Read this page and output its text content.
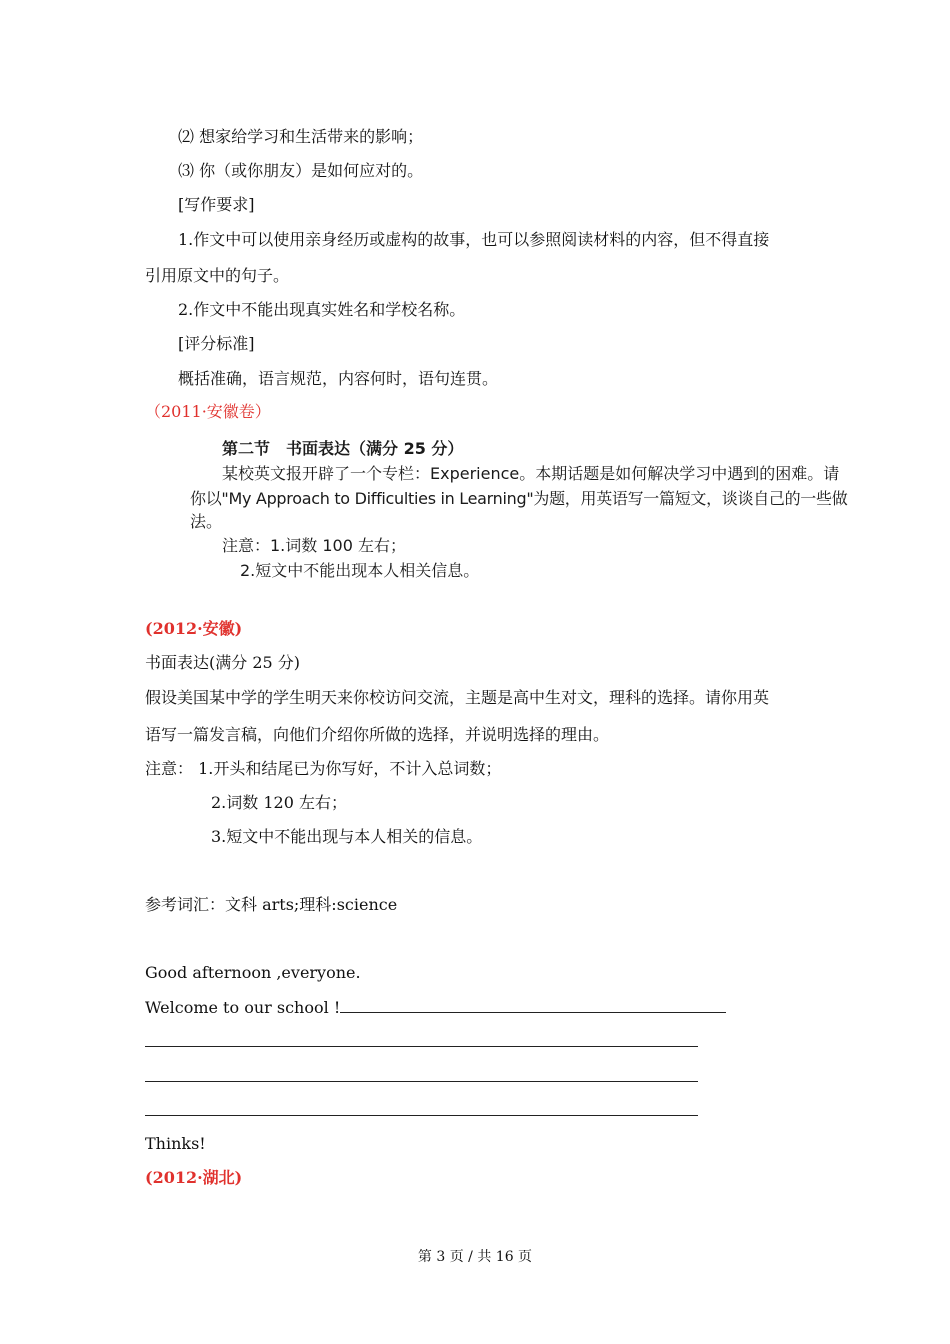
⑵ 想家给学习和生活带来的影响；
⑶ 你（或你朋友）是如何应对的。
[写作要求]
1.作文中可以使用亲身经历或虚构的故事，也可以参照阅读材料的内容，但不得直接
引用原文中的句子。
2.作文中不能出现真实姓名和学校名称。
[评分标准]
概括准确，语言规范，内容何时，语句连贯。
（2011·安徽卷）
第二节　书面表达（满分 25 分）
某校英文报开辟了一个专栏：Experience。本期话题是如何解决学习中遇到的困难。请
你以"My Approach to Difficulties in Learning"为题，用英语写一篇短文，谈谈自己的一些做
法。
注意：1.词数 100 左右；
2.短文中不能出现本人相关信息。
(2012·安徽)
书面表达(满分 25 分)
假设美国某中学的学生明天来你校访问交流，主题是高中生对文，理科的选择。请你用英
语写一篇发言稿，向他们介绍你所做的选择，并说明选择的理由。
注意： 1.开头和结尾已为你写好，不计入总词数；
2.词数 120 左右；
3.短文中不能出现与本人相关的信息。
参考词汇：文科 arts;理科:science
Good afternoon ,everyone.
Welcome to our school !
Thinks!
(2012·湖北)
第 3 页 / 共 16 页
